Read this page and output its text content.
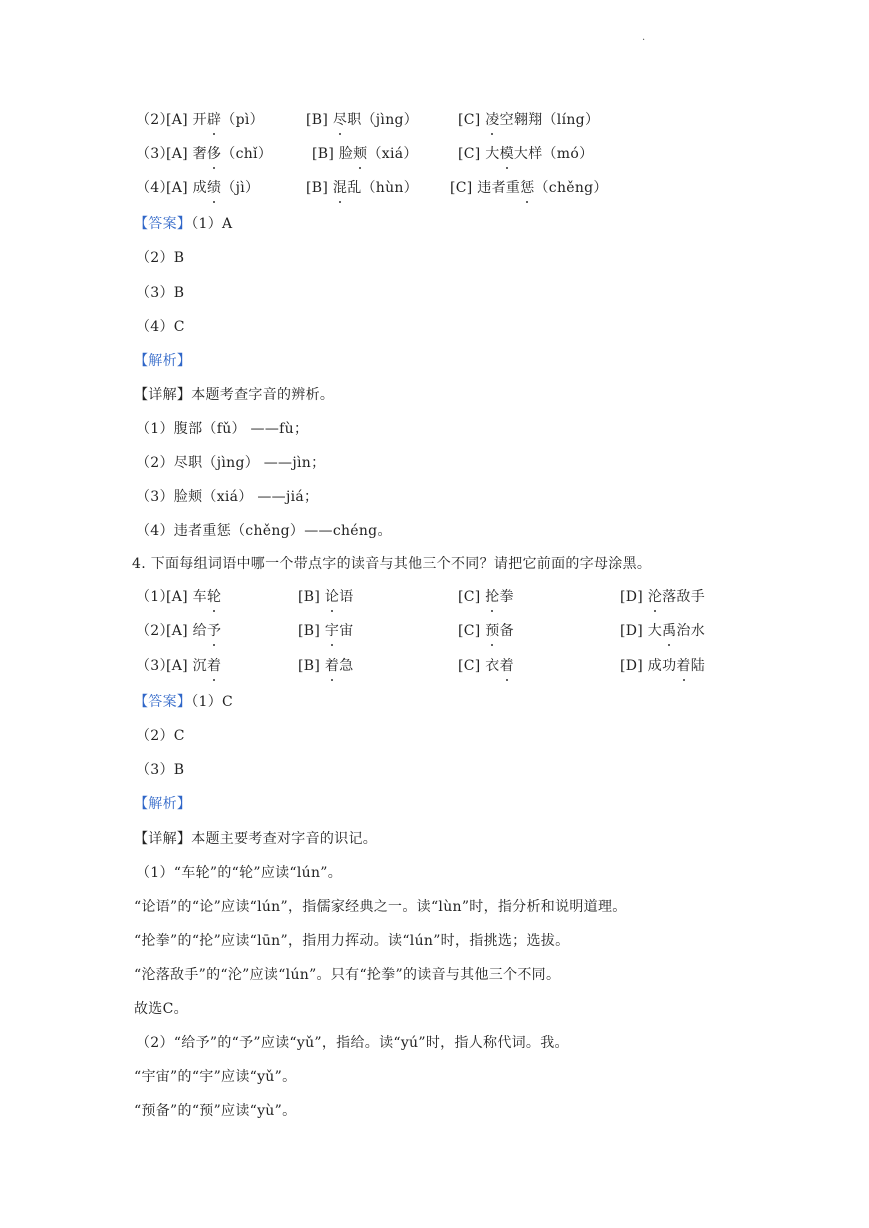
.
（2）
[A] 开辟（pì）	[B] 尽职（jìng）	[C] 凌空翱翔（líng）
（3）
[A] 奢侈（chǐ）	[B] 脸颊（xiá）	[C] 大模大样（mó）
（4）
[A] 成绩（jì）	[B] 混乱（hùn） [C] 违者重惩（chěng）
【答案】（1）A
（2）B
（3）B
（4）C
【解析】
【详解】本题考查字音的辨析。
（1）腹部（fǔ） ——fù；
（2）尽职（jìng） ——jìn；
（3）脸颊（xiá） ——jiá；
（4）违者重惩（chěng）——chéng。
4. 下面每组词语中哪一个带点字的读音与其他三个不同？请把它前面的字母涂黑。
（1）
[A] 车轮	[B] 论语	[C] 抡拳	[D] 沦落敌手
（2）
[A] 给予	[B] 宇宙	[C] 预备	[D] 大禹治水
（3）
[A] 沉着	[B] 着急	[C] 衣着	[D] 成功着陆
【答案】（1）C
（2）C
（3）B
【解析】
【详解】本题主要考查对字音的识记。
（1）“车轮”的“轮”应读“lún”。
“论语”的“论”应读“lún”，指儒家经典之一。读“lùn”时，指分析和说明道理。
“抡拳”的“抡”应读“lūn”，指用力挥动。读“lún”时，指挑选；选拔。
“沦落敌手”的“沦”应读“lún”。只有“抡拳”的读音与其他三个不同。
故选C。
（2）“给予”的“予”应读“yǔ”，指给。读“yú”时，指人称代词。我。
“宇宙”的“宇”应读“yǔ”。
“预备”的“预”应读“yù”。
